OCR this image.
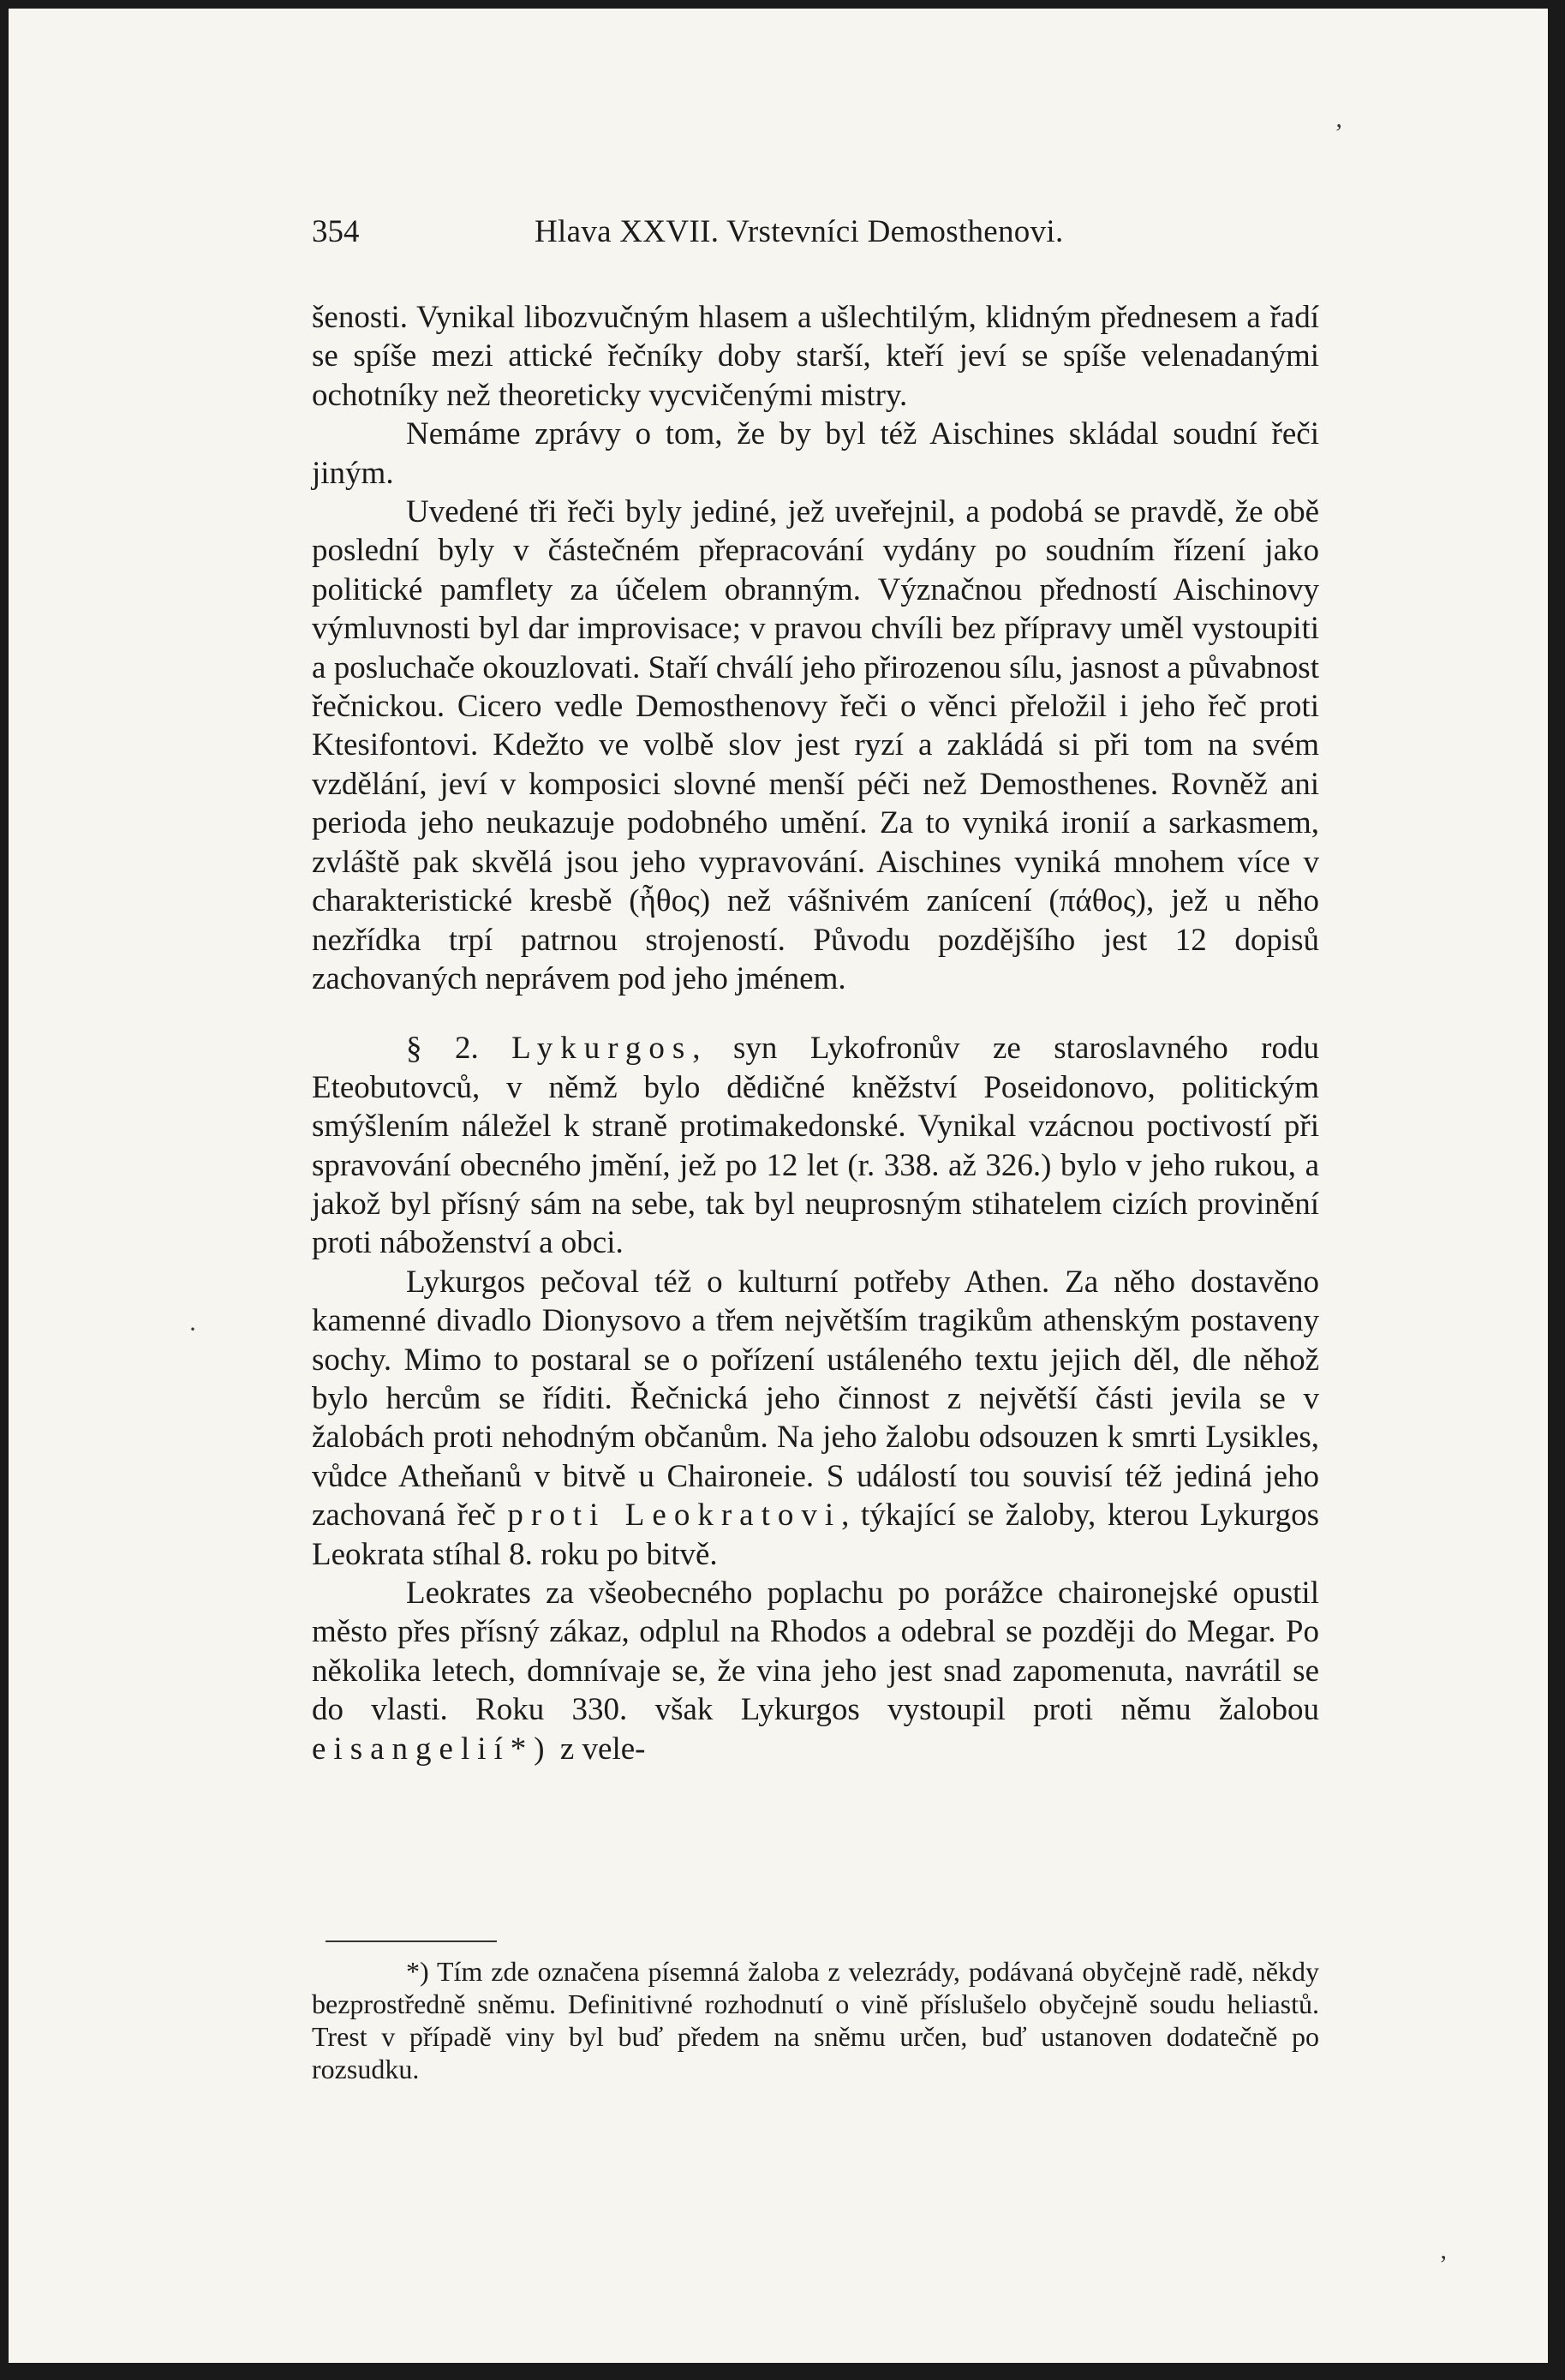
354	Hlava XXVII. Vrstevníci Demosthenovi.

šenosti. Vynikal libozvučným hlasem a ušlechtilým, klidným přednesem a řadí se spíše mezi attické řečníky doby starší, kteří jeví se spíše velenadanými ochotníky než theoreticky vycvičenými mistry.

Nemáme zprávy o tom, že by byl též Aischines skládal soudní řeči jiným.

Uvedené tři řeči byly jediné, jež uveřejnil, a podobá se pravdě, že obě poslední byly v částečném přepracování vydány po soudním řízení jako politické pamflety za účelem obranným. Význačnou předností Aischinovy výmluvnosti byl dar improvisace; v pravou chvíli bez přípravy uměl vystoupiti a posluchače okouzlovati. Staří chválí jeho přirozenou sílu, jasnost a půvabnost řečnickou. Cicero vedle Demosthenovy řeči o věnci přeložil i jeho řeč proti Ktesifontovi. Kdežto ve volbě slov jest ryzí a zakládá si při tom na svém vzdělání, jeví v komposici slovné menší péči než Demosthenes. Rovněž ani perioda jeho neukazuje podobného umění. Za to vyniká ironií a sarkasmem, zvláště pak skvělá jsou jeho vypravování. Aischines vyniká mnohem více v charakteristické kresbě (ἦθος) než vášnivém zanícení (πάθος), jež u něho nezřídka trpí patrnou strojeností. Původu pozdějšího jest 12 dopisů zachovaných neprávem pod jeho jménem.

§ 2. Lykurgos, syn Lykofronův ze staroslavného rodu Eteobutovců, v němž bylo dědičné kněžství Poseidonovo, politickým smýšlením náležel k straně protimakedonské. Vynikal vzácnou poctivostí při spravování obecného jmění, jež po 12 let (r. 338. až 326.) bylo v jeho rukou, a jakož byl přísný sám na sebe, tak byl neuprosným stihatelem cizích provinění proti náboženství a obci.

Lykurgos pečoval též o kulturní potřeby Athen. Za něho dostavěno kamenné divadlo Dionysovo a třem největším tragikům athenským postaveny sochy. Mimo to postaral se o pořízení ustáleného textu jejich děl, dle něhož bylo hercům se říditi. Řečnická jeho činnost z největší části jevila se v žalobách proti nehodným občanům. Na jeho žalobu odsouzen k smrti Lysikles, vůdce Atheňanů v bitvě u Chaironeie. S událostí tou souvisí též jediná jeho zachovaná řeč proti Leokratovi, týkající se žaloby, kterou Lykurgos Leokrata stíhal 8. roku po bitvě.

Leokrates za všeobecného poplachu po porážce chaironejské opustil město přes přísný zákaz, odplul na Rhodos a odebral se později do Megar. Po několika letech, domnívaje se, že vina jeho jest snad zapomenuta, navrátil se do vlasti. Roku 330. však Lykurgos vystoupil proti němu žalobou eisangelií*) z vele-

*) Tím zde označena písemná žaloba z velezrády, podávaná obyčejně radě, někdy bezprostředně sněmu. Definitivné rozhodnutí o vině příslušelo obyčejně soudu heliastů. Trest v případě viny byl buď předem na sněmu určen, buď ustanoven dodatečně po rozsudku.

‚
‚
·
